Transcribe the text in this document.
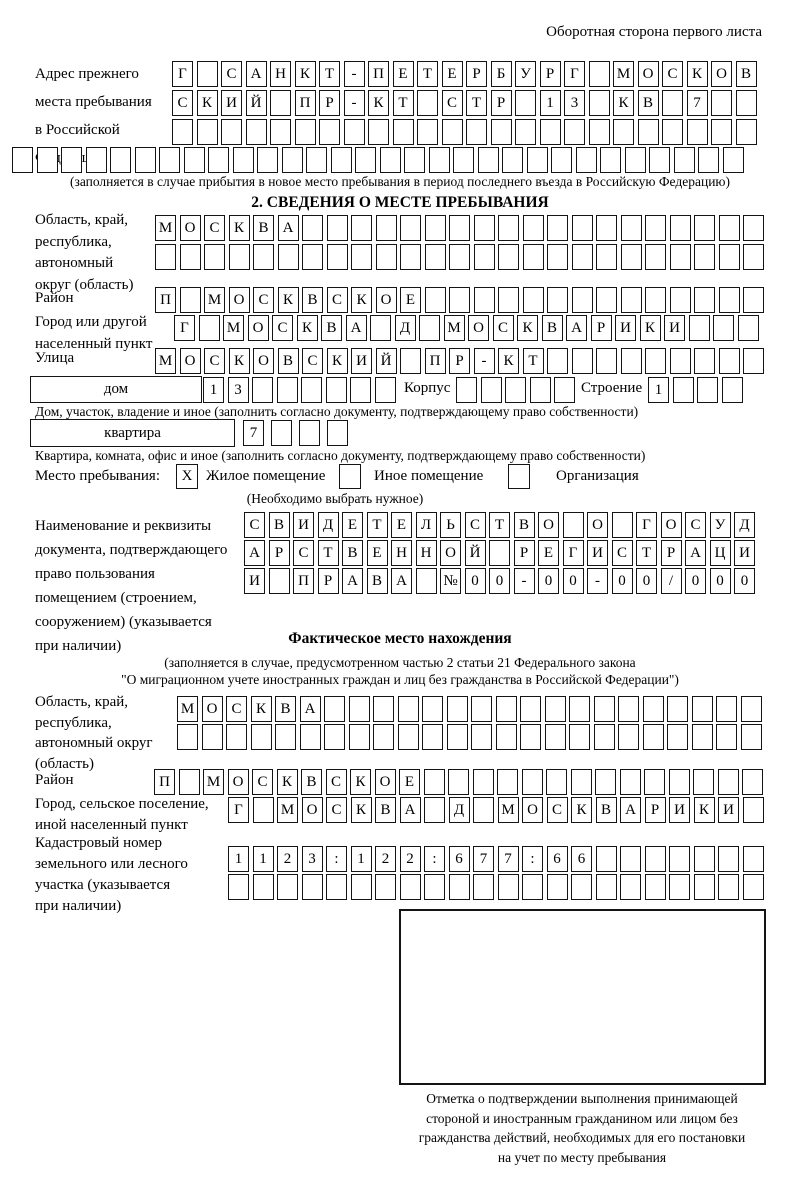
Оборотная сторона первого листа
Адрес прежнего
места пребывания
в Российской
Г	С А Н К Т	-	П Е	Т	Е	Р	Б У	Р	Г	М О С К О В
С К И Й	П Р	-	К Т	С Т	Р	1	3	К В	7
(заполняется в случае прибытия в новое место пребывания в период последнего въезда в Российскую Федерацию)
2. СВЕДЕНИЯ О МЕСТЕ ПРЕБЫВАНИЯ
Область, край,
республика,
автономный
округ (область)
М О С К В А
Район	П	М О С К В С К О Е
Город или другой
населенный пункт
Г	М О С К В А	Д	М О С К В А Р И К И
Улица	М О С К О В С К И Й	П Р	-	К Т
дом	1	3	Корпус	Строение 1
Дом, участок, владение и иное (заполнить согласно документу, подтверждающему право собственности)
квартира	7
Квартира, комната, офис и иное (заполнить согласно документу, подтверждающему право собственности)
Место пребывания: X Жилое помещение	Иное помещение	Организация
(Необходимо выбрать нужное)
Наименование и реквизиты
документа, подтверждающего
право пользования
помещением (строением,
сооружением) (указывается
при наличии)
С В И Д Е	Т	Е Л	Ь	С Т В О	О	Г О С У Д
А Р	С Т В Е Н Н О Й	Р	Е	Г И С Т	Р А Ц И
И	П Р А В А	№ 0	0	-	0	0	-	0	0	/	0	0	0
Фактическое место нахождения
(заполняется в случае, предусмотренном частью 2 статьи 21 Федерального закона
"О миграционном учете иностранных граждан и лиц без гражданства в Российской Федерации")
Область, край,
республика,
автономный округ
(область)
М О С К В А
Район	П	М О С К В С К О Е
Город, сельское поселение,
иной населенный пункт
Г	М О С К В А	Д	М О С К В А Р И К И
Кадастровый номер
земельного или лесного
участка (указывается
при наличии)
1	1	2	3	:	1	2	2	:	6	7	7	:	6	6
Отметка о подтверждении выполнения принимающей
стороной и иностранным гражданином или лицом без
гражданства действий, необходимых для его постановки
на учет по месту пребывания
